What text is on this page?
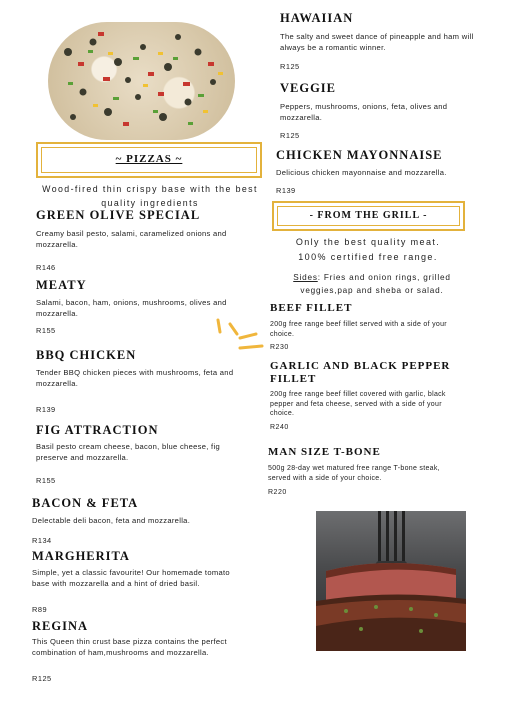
~ PIZZAS ~
Wood-fired thin crispy base with the best quality ingredients
GREEN OLIVE SPECIAL
Creamy basil pesto, salami, caramelized onions and mozzarella.
R146
MEATY
Salami, bacon, ham, onions, mushrooms, olives and mozzarella.
R155
BBQ CHICKEN
Tender BBQ chicken pieces with mushrooms, feta and mozzarella.
R139
FIG ATTRACTION
Basil pesto cream cheese, bacon, blue cheese, fig preserve and mozzarella.
R155
BACON & FETA
Delectable deli bacon, feta and mozzarella.
R134
MARGHERITA
Simple, yet a classic favourite! Our homemade tomato base with mozzarella and a hint of dried basil.
R89
REGINA
This Queen thin crust base pizza contains the perfect combination of ham,mushrooms and mozzarella.
R125
HAWAIIAN
The salty and sweet dance of pineapple and ham will always be a romantic winner.
R125
VEGGIE
Peppers, mushrooms, onions, feta, olives and mozzarella.
R125
CHICKEN MAYONNAISE
Delicious chicken mayonnaise and mozzarella.
R139
- FROM THE GRILL -
Only the best quality meat.
100% certified free range.
Sides: Fries and onion rings, grilled veggies,pap and sheba or salad.
BEEF FILLET
200g free range beef fillet served with a side of your choice.
R230
GARLIC AND BLACK PEPPER FILLET
200g free range beef fillet covered with garlic, black pepper and feta cheese, served with a side of your choice.
R240
MAN SIZE T-BONE
500g 28-day wet matured free range T-bone steak, served with a side of your choice.
R220
